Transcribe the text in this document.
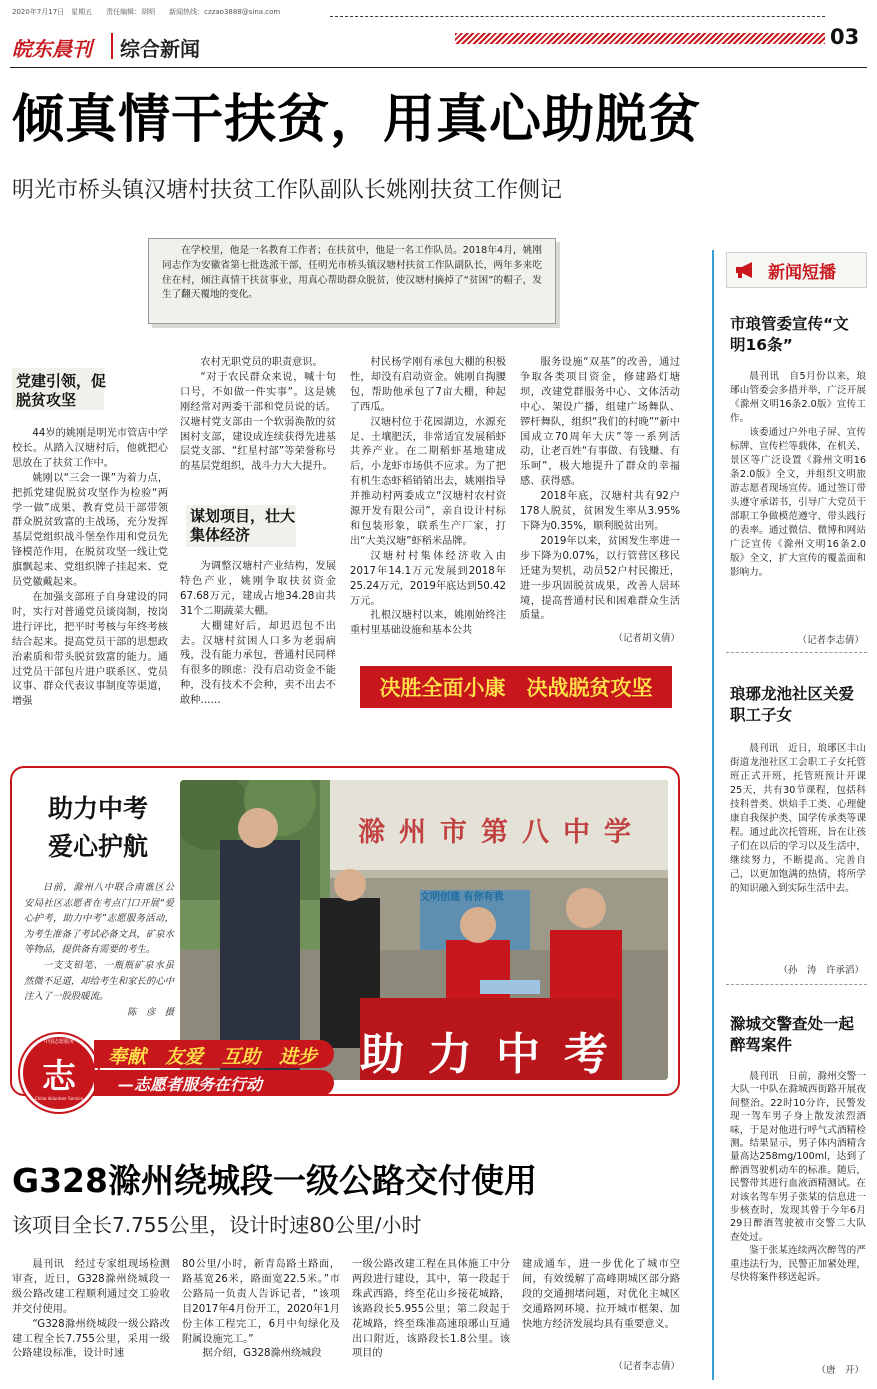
2020年7月17日　星期五　　责任编辑：胡明　　新闻热线：czzao3888@sina.com
皖东晨刊 综合新闻	03
倾真情干扶贫，用真心助脱贫
明光市桥头镇汉塘村扶贫工作队副队长姚刚扶贫工作侧记
在学校里，他是一名教育工作者；在扶贫中，他是一名工作队员。2018年4月，姚刚同志作为安徽省第七批选派干部，任明光市桥头镇汉塘村扶贫工作队副队长，两年多来吃住在村，倾注真情干扶贫事业，用真心帮助群众脱贫，使汉塘村摘掉了“贫困”的帽子，发生了翻天覆地的变化。
党建引领，促脱贫攻坚

44岁的姚刚是明光市管店中学校长。从踏入汉塘村后，他就把心思放在了扶贫工作中。

姚刚以“三会一课”为着力点，把抓党建促脱贫攻坚作为检验“两学一做”成果、教育党员干部带领群众脱贫致富的主战场，充分发挥基层党组织战斗堡垒作用和党员先锋模范作用，在脱贫攻坚一线让党旗飘起来、党组织牌子挂起来、党员党徽戴起来。

在加强支部班子自身建设的同时，实行对普通党员谈岗制，按岗进行评比，把平时考核与年终考核结合起来。提高党员干部的思想政治素质和带头脱贫致富的能力。通过党员干部包片进户联系区、党员议事、群众代表议事制度等渠道，增强

农村无职党员的职责意识。

“对于农民群众来说，喊十句口号，不如做一件实事”。这是姚刚经常对两委干部和党员说的话。汉塘村党支部由一个软弱涣散的贫困村支部，建设成连续获得先进基层党支部、“红星村部”等荣誉称号的基层党组织，战斗力大大提升。

谋划项目，壮大集体经济

为调整汉塘村产业结构，发展特色产业，姚刚争取扶贫资金67.68万元，建成占地34.28亩共31个二期蔬菜大棚。

大棚建好后，却迟迟包不出去。汉塘村贫困人口多为老弱病残，没有能力承包，普通村民同样有很多的顾虑：没有启动资金不能种，没有技术不会种，卖不出去不敢种……

村民杨学刚有承包大棚的积极性，却没有启动资金。姚刚自掏腰包，帮助他承包了7亩大棚，种起了西瓜。

汉塘村位于花园湖边，水源充足、土壤肥沃，非常适宜发展稻虾共养产业。在二期稻虾基地建成后，小龙虾市场供不应求。为了把有机生态虾稻销销出去，姚刚指导并推动村两委成立“汉塘村农村资源开发有限公司”，亲自设计村标和包装形象，联系生产厂家，打出“大美汉塘”虾稻米品牌。

汉塘村村集体经济收入由2017年14.1万元发展到2018年25.24万元，2019年底达到50.42万元。

扎根汉塘村以来，姚刚始终注重村里基础设施和基本公共

服务设施“双基”的改善，通过争取各类项目资金，修建路灯塘坝，改建党群服务中心、文体活动中心、架设广播，组建广场舞队、锣杆舞队，组织“我们的村晚”“新中国成立70周年大庆”等一系列活动，让老百姓“有事做、有钱赚、有乐呵”，极大地提升了群众的幸福感、获得感。

2018年底，汉塘村共有92户178人脱贫，贫困发生率从3.95%下降为0.35%，顺利脱贫出列。

2019年以来，贫困发生率进一步下降为0.07%，以行管营区移民迁建为契机，动员52户村民搬迁，进一步巩固脱贫成果，改善人居环境，提高普通村民和困难群众生活质量。

（记者胡文倩）
决胜全面小康　决战脱贫攻坚
助力中考
爱心护航

日前，滁州八中联合南谯区公安局社区志愿者在考点门口开展“爱心护考，助力中考”志愿服务活动，为考生准备了考试必备文具，矿泉水等物品，提供备有需要的考生。

一支支铅笔、一瓶瓶矿泉水虽然微不足道，却给考生和家长的心中注入了一股股暖流。

陈　彦　摄

滁州市第八中学
文明创建 有你有我
助力中考
志
中国志愿服务
China Volunteer Service
奉献　友爱　互助　进步
—志愿者服务在行动
G328滁州绕城段一级公路交付使用
该项目全长7.755公里，设计时速80公里/小时

晨刊讯　经过专家组现场检测审查，近日，G328滁州绕城段一级公路改建工程顺利通过交工验收并交付使用。

“G328滁州绕城段一级公路改建工程全长7.755公里，采用一级公路建设标准，设计时速

80公里/小时，新青岛路土路面，路基宽26米，路面宽22.5米。”市公路局一负责人告诉记者，“该项目2017年4月份开工，2020年1月份主体工程完工，6月中旬绿化及附属设施完工。”

据介绍，G328滁州绕城段

一级公路改建工程在具体施工中分两段进行建设，其中，第一段起于珠武西路，终至花山乡接花城路，该路段长5.955公里；第二段起于花城路，终至珠准高速琅琊山互通出口附近，该路段长1.8公里。该项目的

建成通车，进一步优化了城市空间，有效缓解了高峰期城区部分路段的交通拥堵问题，对优化主城区交通路网环境、拉开城市框架、加快地方经济发展均具有重要意义。

（记者李志倩）
新闻短播
市琅管委宣传“文明16条”

晨刊讯　自5月份以来，琅琊山管委会多措并举，广泛开展《滁州文明16条2.0版》宣传工作。

该委通过户外电子屏、宣传标牌、宣传栏等载体，在机关、景区等广泛设置《滁州文明16条2.0版》全文，并组织文明旅游志愿者现场宣传。通过签订带头遵守承诺书，引导广大党员干部职工争做模范遵守、带头践行的表率。通过微信、微博和网站广泛宣传《滁州文明16条2.0版》全文，扩大宣传的覆盖面和影响力。

（记者李志倩）
琅琊龙池社区关爱职工子女

晨刊讯　近日，琅琊区丰山街道龙池社区工会职工子女托管班正式开班，托管班预计开课25天，共有30节课程，包括科技科普类、烘焙手工类、心理健康自我保护类、国学传承类等课程。通过此次托管班，旨在让孩子们在以后的学习以及生活中，继续努力，不断提高、完善自己，以更加饱满的热情，将所学的知识融入到实际生活中去。

（孙　涛　许承滔）
滁城交警查处一起醉驾案件

晨刊讯　日前，滁州交警一大队一中队在滁城西街路开展夜间整治。22时10分许，民警发现一驾车男子身上散发浓烈酒味，于是对他进行呼气式酒精检测。结果显示，男子体内酒精含量高达258mg/100ml，达到了醉酒驾驶机动车的标准。随后，民警带其进行血液酒精测试。在对该名驾车男子张某的信息进一步核查时，发现其曾于今年6月29日醉酒驾驶被市交警二大队查处过。

鉴于张某连续两次醉驾的严重违法行为，民警正加紧处理，尽快将案件移送起诉。

（唐　开）
